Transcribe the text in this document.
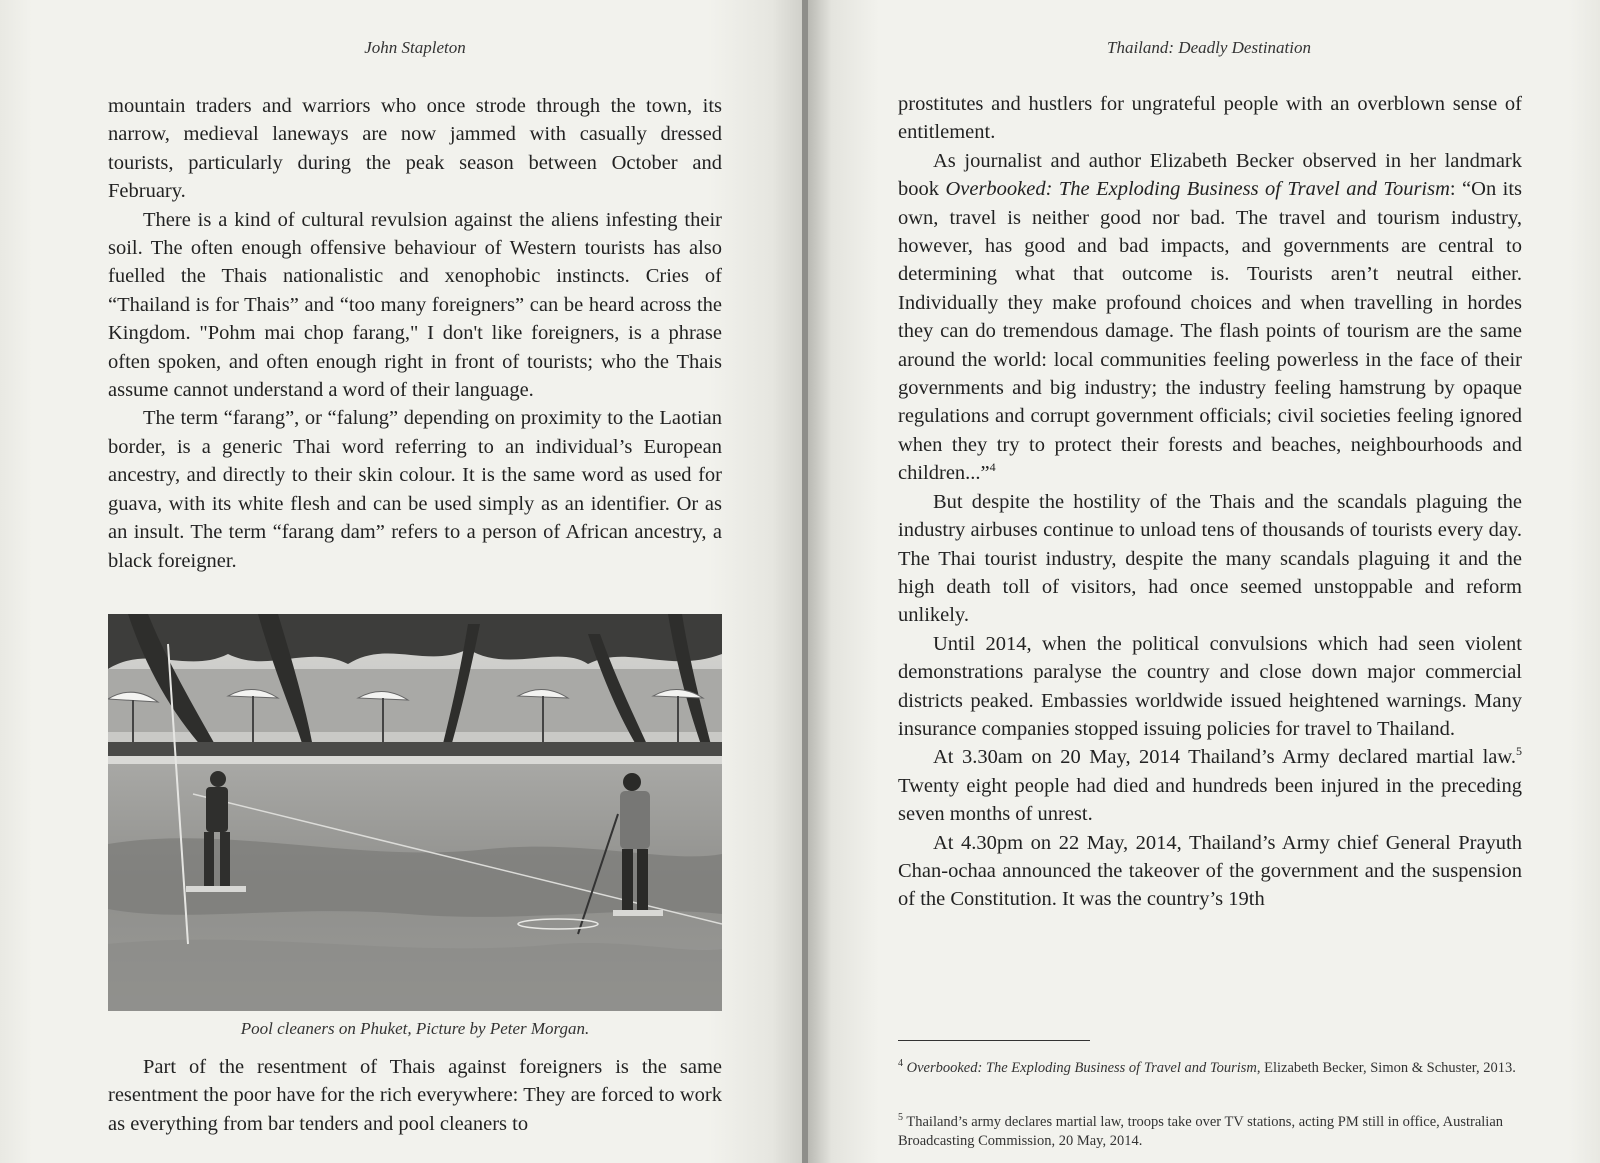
John Stapleton

mountain traders and warriors who once strode through the town, its narrow, medieval laneways are now jammed with casually dressed tourists, particularly during the peak season between October and February.

There is a kind of cultural revulsion against the aliens infesting their soil. The often enough offensive behaviour of Western tourists has also fuelled the Thais nationalistic and xenophobic instincts. Cries of “Thailand is for Thais” and “too many foreigners” can be heard across the Kingdom. "Pohm mai chop farang," I don't like foreigners, is a phrase often spoken, and often enough right in front of tourists; who the Thais assume cannot understand a word of their language.

The term “farang”, or “falung” depending on proximity to the Laotian border, is a generic Thai word referring to an individual’s European ancestry, and directly to their skin colour. It is the same word as used for guava, with its white flesh and can be used simply as an identifier. Or as an insult. The term “farang dam” refers to a person of African ancestry, a black foreigner.

Pool cleaners on Phuket, Picture by Peter Morgan.

Part of the resentment of Thais against foreigners is the same resentment the poor have for the rich everywhere: They are forced to work as everything from bar tenders and pool cleaners to

Thailand: Deadly Destination

prostitutes and hustlers for ungrateful people with an overblown sense of entitlement.

As journalist and author Elizabeth Becker observed in her landmark book Overbooked: The Exploding Business of Travel and Tourism: “On its own, travel is neither good nor bad. The travel and tourism industry, however, has good and bad impacts, and governments are central to determining what that outcome is. Tourists aren’t neutral either. Individually they make profound choices and when travelling in hordes they can do tremendous damage. The flash points of tourism are the same around the world: local communities feeling powerless in the face of their governments and big industry; the industry feeling hamstrung by opaque regulations and corrupt government officials; civil societies feeling ignored when they try to protect their forests and beaches, neighbourhoods and children...”$^4$

But despite the hostility of the Thais and the scandals plaguing the industry airbuses continue to unload tens of thousands of tourists every day. The Thai tourist industry, despite the many scandals plaguing it and the high death toll of visitors, had once seemed unstoppable and reform unlikely.

Until 2014, when the political convulsions which had seen violent demonstrations paralyse the country and close down major commercial districts peaked. Embassies worldwide issued heightened warnings. Many insurance companies stopped issuing policies for travel to Thailand.

At 3.30am on 20 May, 2014 Thailand’s Army declared martial law.$^5$ Twenty eight people had died and hundreds been injured in the preceding seven months of unrest.

At 4.30pm on 22 May, 2014, Thailand’s Army chief General Prayuth Chan-ochaa announced the takeover of the government and the suspension of the Constitution. It was the country’s 19th

$^4$ Overbooked: The Exploding Business of Travel and Tourism, Elizabeth Becker, Simon & Schuster, 2013.
$^5$ Thailand’s army declares martial law, troops take over TV stations, acting PM still in office, Australian Broadcasting Commission, 20 May, 2014.
